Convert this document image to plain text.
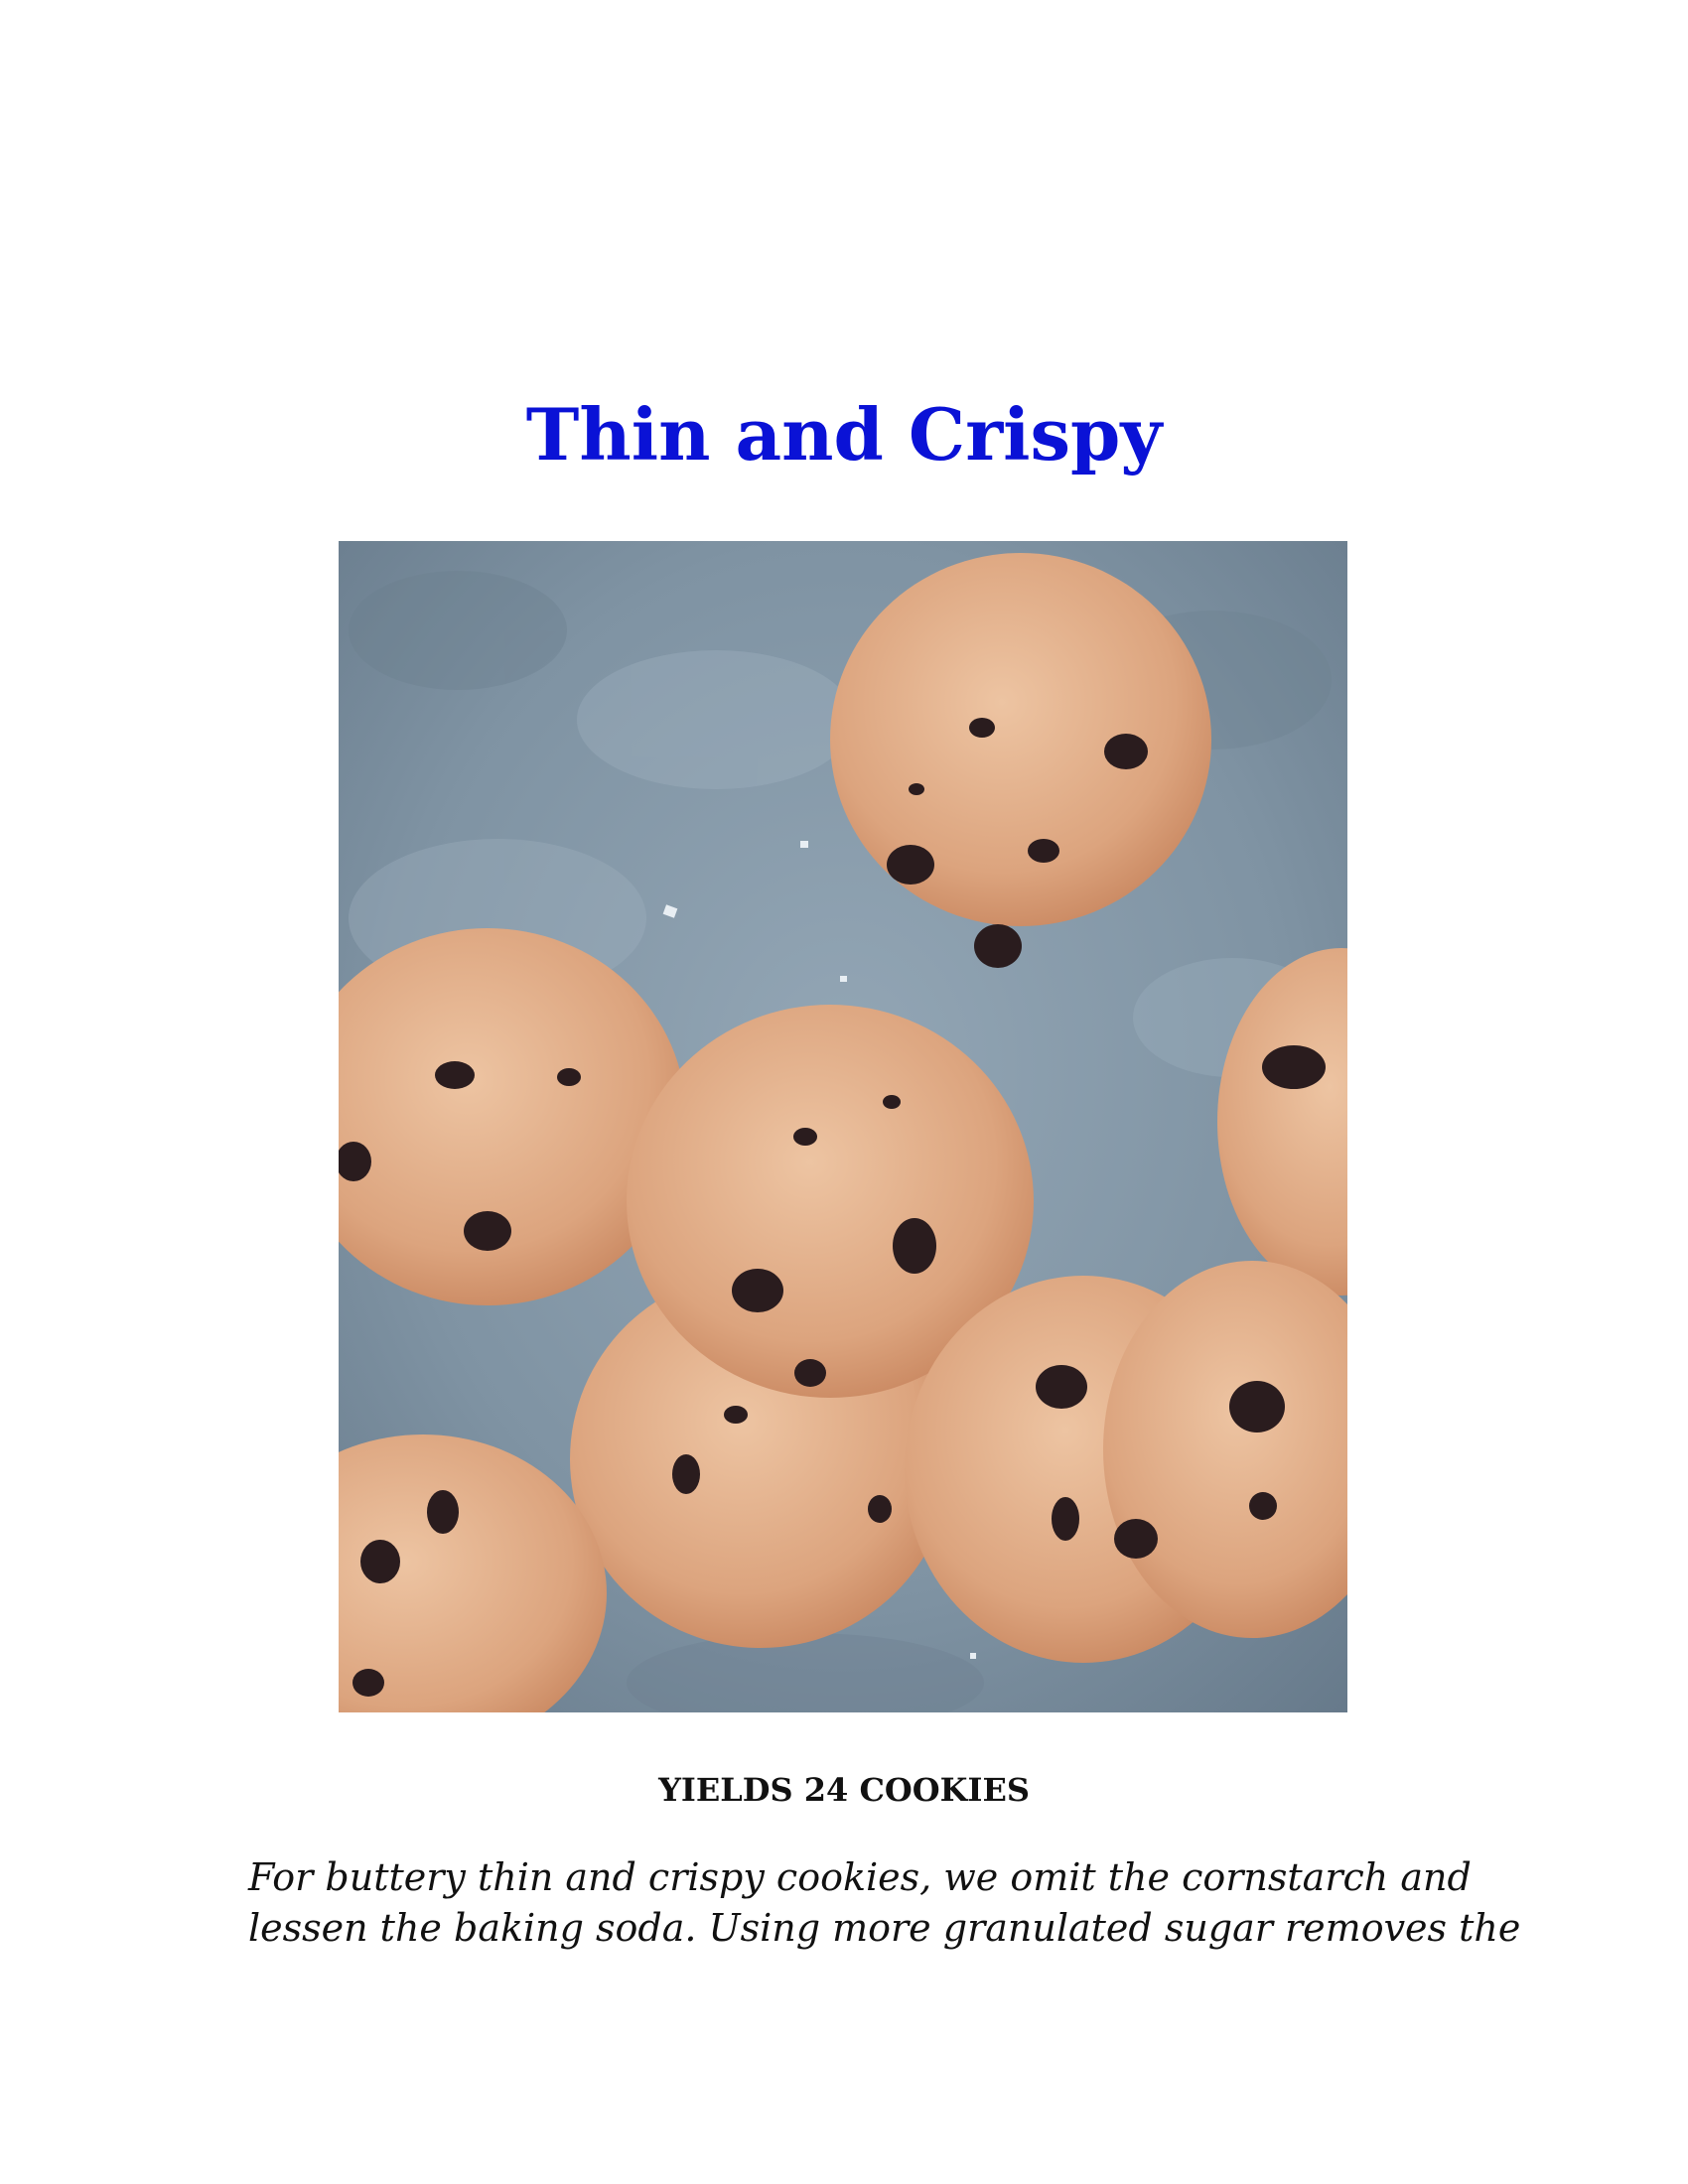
Thin and Crispy
YIELDS 24 COOKIES
For buttery thin and crispy cookies, we omit the cornstarch and
lessen the baking soda. Using more granulated sugar removes the
